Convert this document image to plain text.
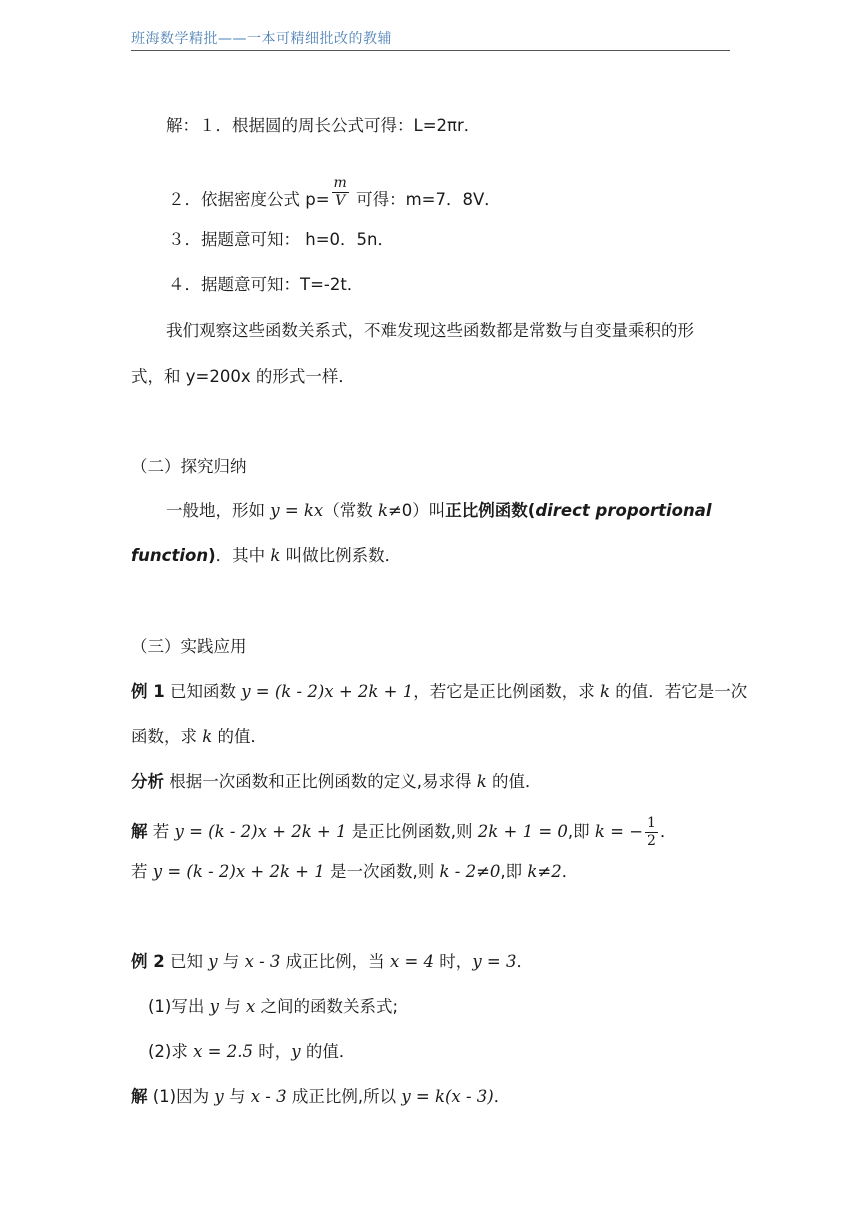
班海数学精批——一本可精细批改的教辅
解：１．根据圆的周长公式可得：L=2πr．
２．依据密度公式 $p= \frac{m}{V}$ 可得：m=7．8V．
３．据题意可知： h=0．5n．
４．据题意可知：T=-2t．
我们观察这些函数关系式，不难发现这些函数都是常数与自变量乘积的形
式，和 y=200x 的形式一样．
（二）探究归纳
一般地，形如 y = kx（常数 k≠0）叫正比例函数(direct proportional
function)．其中 k 叫做比例系数．
（三）实践应用
例 1 已知函数 y = (k - 2)x + 2k + 1，若它是正比例函数，求 k 的值．若它是一次
函数，求 k 的值．
分析 根据一次函数和正比例函数的定义,易求得 k 的值．
解 若 y = (k - 2)x + 2k + 1 是正比例函数,则 2k + 1 = 0,即 k = − $\frac{1}{2}$ ．
若 y = (k - 2)x + 2k + 1 是一次函数,则 k - 2≠0,即 k≠2．
例 2 已知 y 与 x - 3 成正比例，当 x = 4 时，y = 3．
(1)写出 y 与 x 之间的函数关系式;
(2)求 x = 2.5 时，y 的值．
解 (1)因为 y 与 x - 3 成正比例,所以 y = k(x - 3)．
